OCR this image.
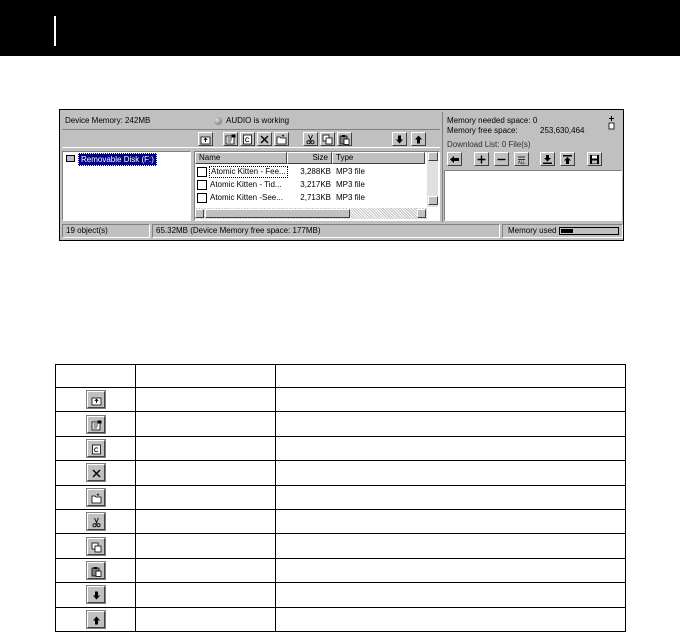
Device Memory: 242MB	AUDIO is working
Removable Disk (F:)	Name	Size	Type
Atomic Kitten - Fee...	3,288KB MP3 file
Atomic Kitten - Tid...	3,217KB MP3 file
Atomic Kitten -See...	2,713KB MP3 file
Memory needed space: 0
Memory free space:	253,630,464
Download List: 0 File(s)
ALL
19 object(s)	65.32MB (Device Memory free space: 177MB)	Memory used
